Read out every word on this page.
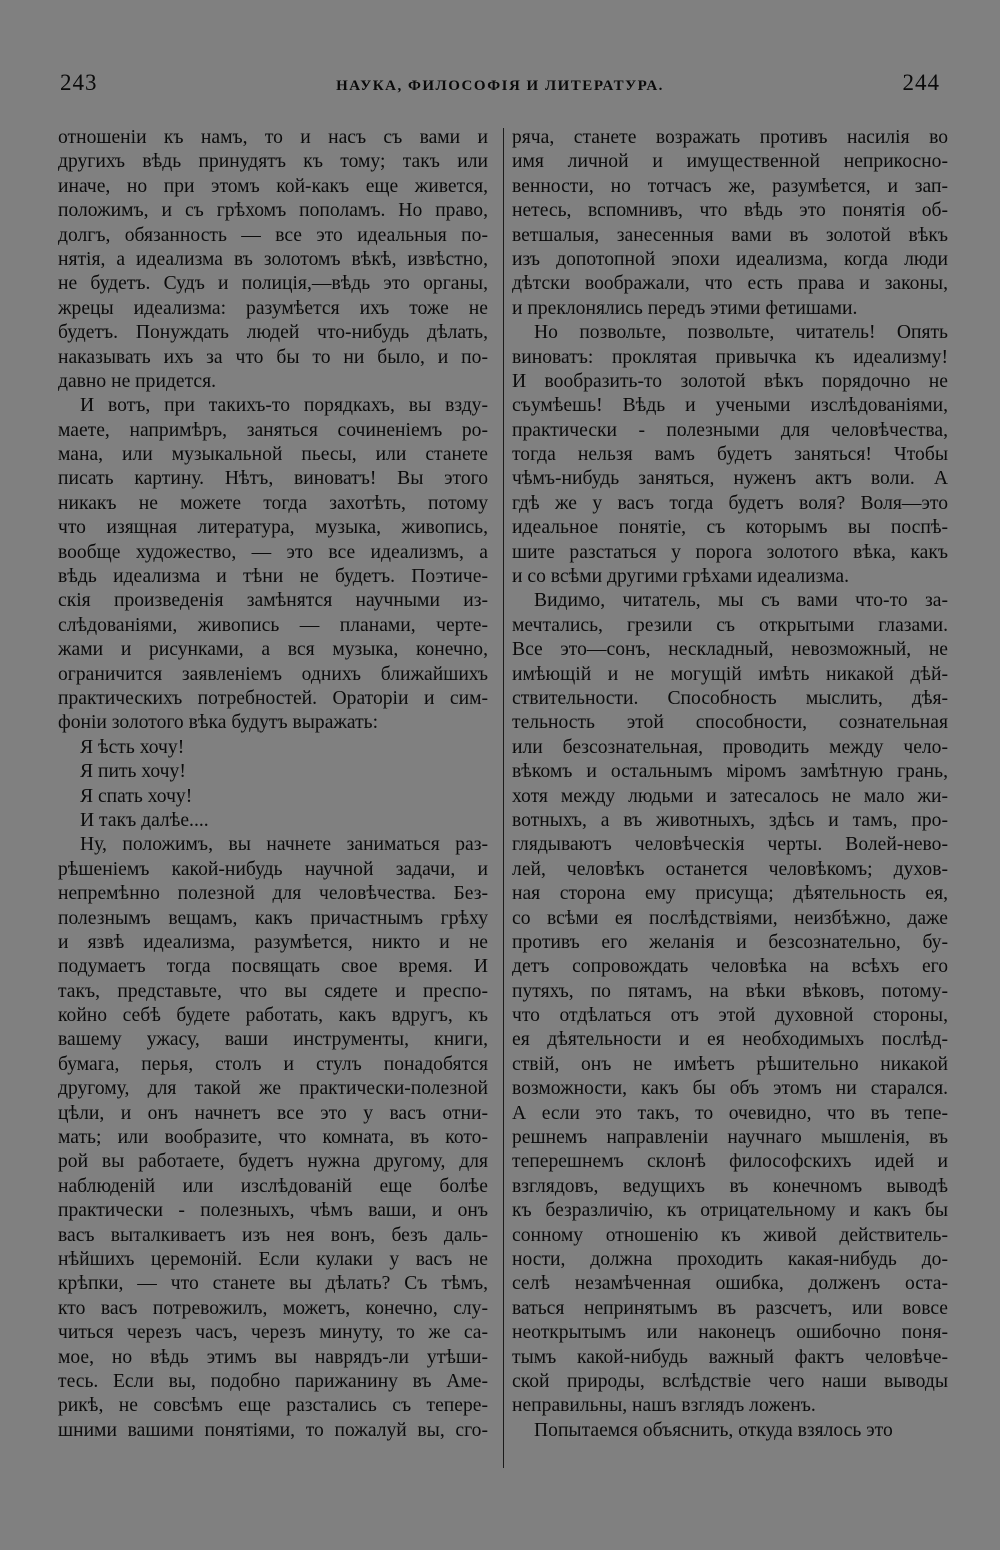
243	НАУКА, ФИЛОСОФІЯ И ЛИТЕРАТУРА.	244
отношеніи къ намъ, то и насъ съ вами и
другихъ вѣдь принудятъ къ тому; такъ или
иначе, но при этомъ кой-какъ еще живется,
положимъ, и съ грѣхомъ пополамъ. Но право,
долгъ, обязанность — все это идеальныя по-
нятія, а идеализма въ золотомъ вѣкѣ, извѣстно,
не будетъ. Судъ и полиція,—вѣдь это органы,
жрецы идеализма: разумѣется ихъ тоже не
будетъ. Понуждать людей что-нибудь дѣлать,
наказывать ихъ за что бы то ни было, и по-
давно не придется.
И вотъ, при такихъ-то порядкахъ, вы взду-
маете, напримѣръ, заняться сочиненіемъ ро-
мана, или музыкальной пьесы, или станете
писать картину. Нѣтъ, виноватъ! Вы этого
никакъ не можете тогда захотѣть, потому
что изящная литература, музыка, живопись,
вообще художество, — это все идеализмъ, а
вѣдь идеализма и тѣни не будетъ. Поэтиче-
скія произведенія замѣнятся научными из-
слѣдованіями, живопись — планами, черте-
жами и рисунками, а вся музыка, конечно,
ограничится заявленіемъ однихъ ближайшихъ
практическихъ потребностей. Ораторіи и сим-
фоніи золотого вѣка будутъ выражать:
Я ѣсть хочу!
Я пить хочу!
Я спать хочу!
И такъ далѣе....
Ну, положимъ, вы начнете заниматься раз-
рѣшеніемъ какой-нибудь научной задачи, и
непремѣнно полезной для человѣчества. Без-
полезнымъ вещамъ, какъ причастнымъ грѣху
и язвѣ идеализма, разумѣется, никто и не
подумаетъ тогда посвящать свое время. И
такъ, представьте, что вы сядете и преспо-
койно себѣ будете работать, какъ вдругъ, къ
вашему ужасу, ваши инструменты, книги,
бумага, перья, столъ и стулъ понадобятся
другому, для такой же практически-полезной
цѣли, и онъ начнетъ все это у васъ отни-
мать; или вообразите, что комната, въ кото-
рой вы работаете, будетъ нужна другому, для
наблюденій или изслѣдованій еще болѣе
практически - полезныхъ, чѣмъ ваши, и онъ
васъ выталкиваетъ изъ нея вонъ, безъ даль-
нѣйшихъ церемоній. Если кулаки у васъ не
крѣпки, — что станете вы дѣлать? Съ тѣмъ,
кто васъ потревожилъ, можетъ, конечно, слу-
читься черезъ часъ, черезъ минуту, то же са-
мое, но вѣдь этимъ вы наврядъ-ли утѣши-
тесь. Если вы, подобно парижанину въ Амe-
рикѣ, не совсѣмъ еще разстались съ теперe-
шними вашими понятіями, то пожалуй вы, сго-
ряча, станете возражать противъ насилія во
имя личной и имущественной неприкосно-
венности, но тотчасъ же, разумѣется, и зап-
нетесь, вспомнивъ, что вѣдь это понятія об-
ветшалыя, занесенныя вами въ золотой вѣкъ
изъ допотопной эпохи идеализма, когда люди
дѣтски воображали, что есть права и законы,
и преклонялись передъ этими фетишами.
Но позвольте, позвольте, читатель! Опять
виноватъ: проклятая привычка къ идеализму!
И вообразить-то золотой вѣкъ порядочно не
съумѣешь! Вѣдь и учеными изслѣдованіями,
практически - полезными для человѣчества,
тогда нельзя вамъ будетъ заняться! Чтобы
чѣмъ-нибудь заняться, нуженъ актъ воли. А
гдѣ же у васъ тогда будетъ воля? Воля—это
идеальное понятіе, съ которымъ вы поспѣ-
шите разстаться у порога золотого вѣка, какъ
и со всѣми другими грѣхами идеализма.
Видимо, читатель, мы съ вами что-то за-
мечтались, грезили съ открытыми глазами.
Все это—сонъ, нескладный, невозможный, не
имѣющій и не могущій имѣть никакой дѣй-
ствительности. Способность мыслить, дѣя-
тельность этой способности, сознательная
или безсознательная, проводить между чело-
вѣкомъ и остальнымъ міромъ замѣтную грань,
хотя между людьми и затесалось не мало жи-
вотныхъ, а въ животныхъ, здѣсь и тамъ, про-
глядываютъ человѣческія черты. Волей-нево-
лей, человѣкъ останется человѣкомъ; духов-
ная сторона ему присуща; дѣятельность ея,
со всѣми ея послѣдствіями, неизбѣжно, даже
противъ его желанія и безсознательно, бу-
детъ сопровождать человѣка на всѣхъ его
путяхъ, по пятамъ, на вѣки вѣковъ, потому-
что отдѣлаться отъ этой духовной стороны,
ея дѣятельности и ея необходимыхъ послѣд-
ствій, онъ не имѣетъ рѣшительно никакой
возможности, какъ бы объ этомъ ни старался.
А если это такъ, то очевидно, что въ тепе-
решнемъ направленіи научнаго мышленія, въ
теперешнемъ склонѣ философскихъ идей и
взглядовъ, ведущихъ въ конечномъ выводѣ
къ безразличію, къ отрицательному и какъ бы
сонному отношенію къ живой действитель-
ности, должна проходить какая-нибудь до-
селѣ незамѣченная ошибка, долженъ оста-
ваться непринятымъ въ разсчетъ, или вовсе
неоткрытымъ или наконецъ ошибочно поня-
тымъ какой-нибудь важный фактъ человѣче-
ской природы, вслѣдствіе чего наши выводы
неправильны, нашъ взглядъ ложенъ.
Попытаемся объяснить, откуда взялось это
